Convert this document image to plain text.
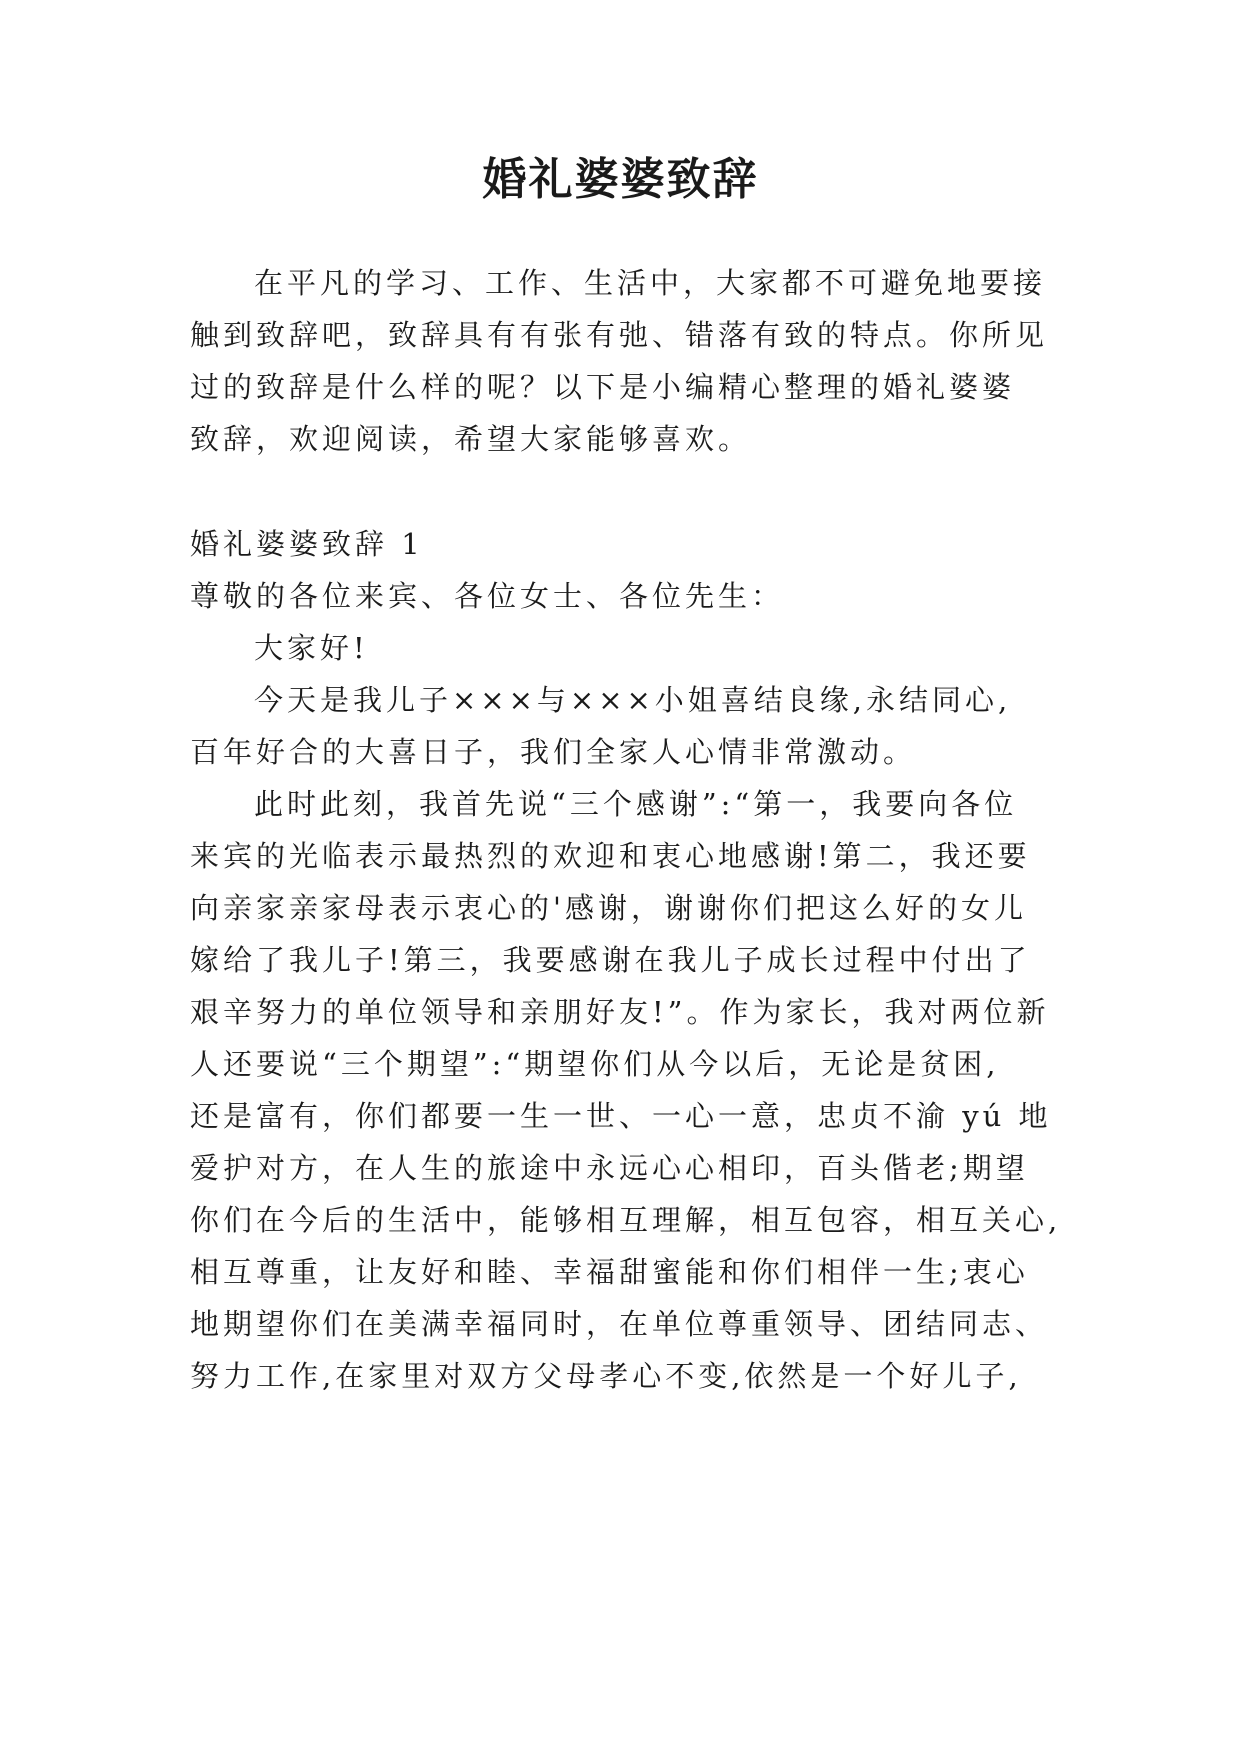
婚礼婆婆致辞
在平凡的学习、工作、生活中，大家都不可避免地要接
触到致辞吧，致辞具有有张有弛、错落有致的特点。你所见
过的致辞是什么样的呢？以下是小编精心整理的婚礼婆婆
致辞，欢迎阅读，希望大家能够喜欢。
婚礼婆婆致辞 1
尊敬的各位来宾、各位女士、各位先生：
大家好!
今天是我儿子×××与×××小姐喜结良缘,永结同心,
百年好合的大喜日子，我们全家人心情非常激动。
此时此刻，我首先说“三个感谢”:“第一，我要向各位
来宾的光临表示最热烈的欢迎和衷心地感谢!第二，我还要
向亲家亲家母表示衷心的'感谢，谢谢你们把这么好的女儿
嫁给了我儿子!第三，我要感谢在我儿子成长过程中付出了
艰辛努力的单位领导和亲朋好友!”。作为家长，我对两位新
人还要说“三个期望”:“期望你们从今以后，无论是贫困,
还是富有，你们都要一生一世、一心一意，忠贞不渝 yú 地
爱护对方，在人生的旅途中永远心心相印，百头偕老;期望
你们在今后的生活中，能够相互理解，相互包容，相互关心,
相互尊重，让友好和睦、幸福甜蜜能和你们相伴一生;衷心
地期望你们在美满幸福同时，在单位尊重领导、团结同志、
努力工作,在家里对双方父母孝心不变,依然是一个好儿子,
